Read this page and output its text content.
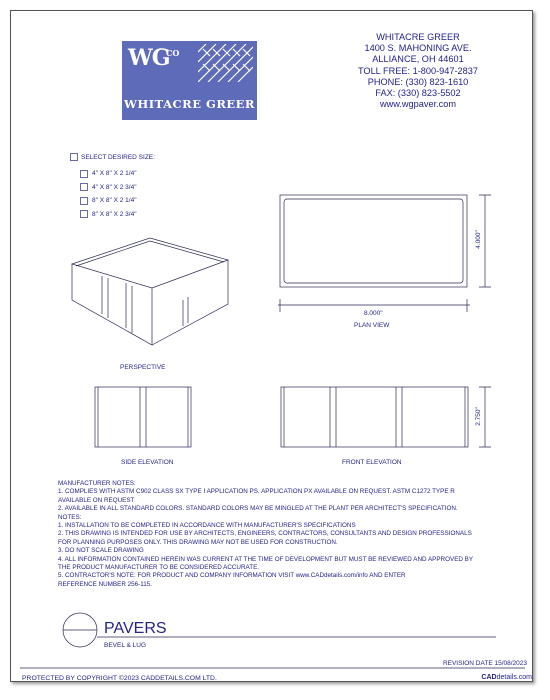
WG
CO
WHITACRE GREER
WHITACRE GREER
1400 S. MAHONING AVE.
ALLIANCE, OH 44601
TOLL FREE: 1-800-947-2837
PHONE: (330) 823-1610
FAX: (330) 823-5502
www.wgpaver.com
SELECT DESIRED SIZE:
4" X 8" X 2 1/4"
4" X 8" X 2 3/4"
8" X 8" X 2 1/4"
8" X 8" X 2 3/4"
PERSPECTIVE
PLAN VIEW
SIDE ELEVATION	FRONT ELEVATION
8.000"
4.000"
2.750"
MANUFACTURER NOTES:
1. COMPLIES WITH ASTM C902 CLASS SX TYPE I APPLICATION PS. APPLICATION PX AVAILABLE ON REQUEST. ASTM C1272 TYPE R
AVAILABLE ON REQUEST
2. AVAILABLE IN ALL STANDARD COLORS. STANDARD COLORS MAY BE MINGLED AT THE PLANT PER ARCHITECT'S SPECIFICATION.
NOTES:
1. INSTALLATION TO BE COMPLETED IN ACCORDANCE WITH MANUFACTURER'S SPECIFICATIONS
2. THIS DRAWING IS INTENDED FOR USE BY ARCHITECTS, ENGINEERS, CONTRACTORS, CONSULTANTS AND DESIGN PROFESSIONALS
FOR PLANNING PURPOSES ONLY. THIS DRAWING MAY NOT BE USED FOR CONSTRUCTION.
3. DO NOT SCALE DRAWING
4. ALL INFORMATION CONTAINED HEREIN WAS CURRENT AT THE TIME OF DEVELOPMENT BUT MUST BE REVIEWED AND APPROVED BY
THE PRODUCT MANUFACTURER TO BE CONSIDERED ACCURATE.
5. CONTRACTOR'S NOTE: FOR PRODUCT AND COMPANY INFORMATION VISIT www.CADdetails.com/info AND ENTER
REFERENCE NUMBER 256-115.
PAVERS
BEVEL & LUG
REVISION DATE 15/08/2023
PROTECTED BY COPYRIGHT ©2023 CADDETAILS.COM LTD.	CADdetails.com
